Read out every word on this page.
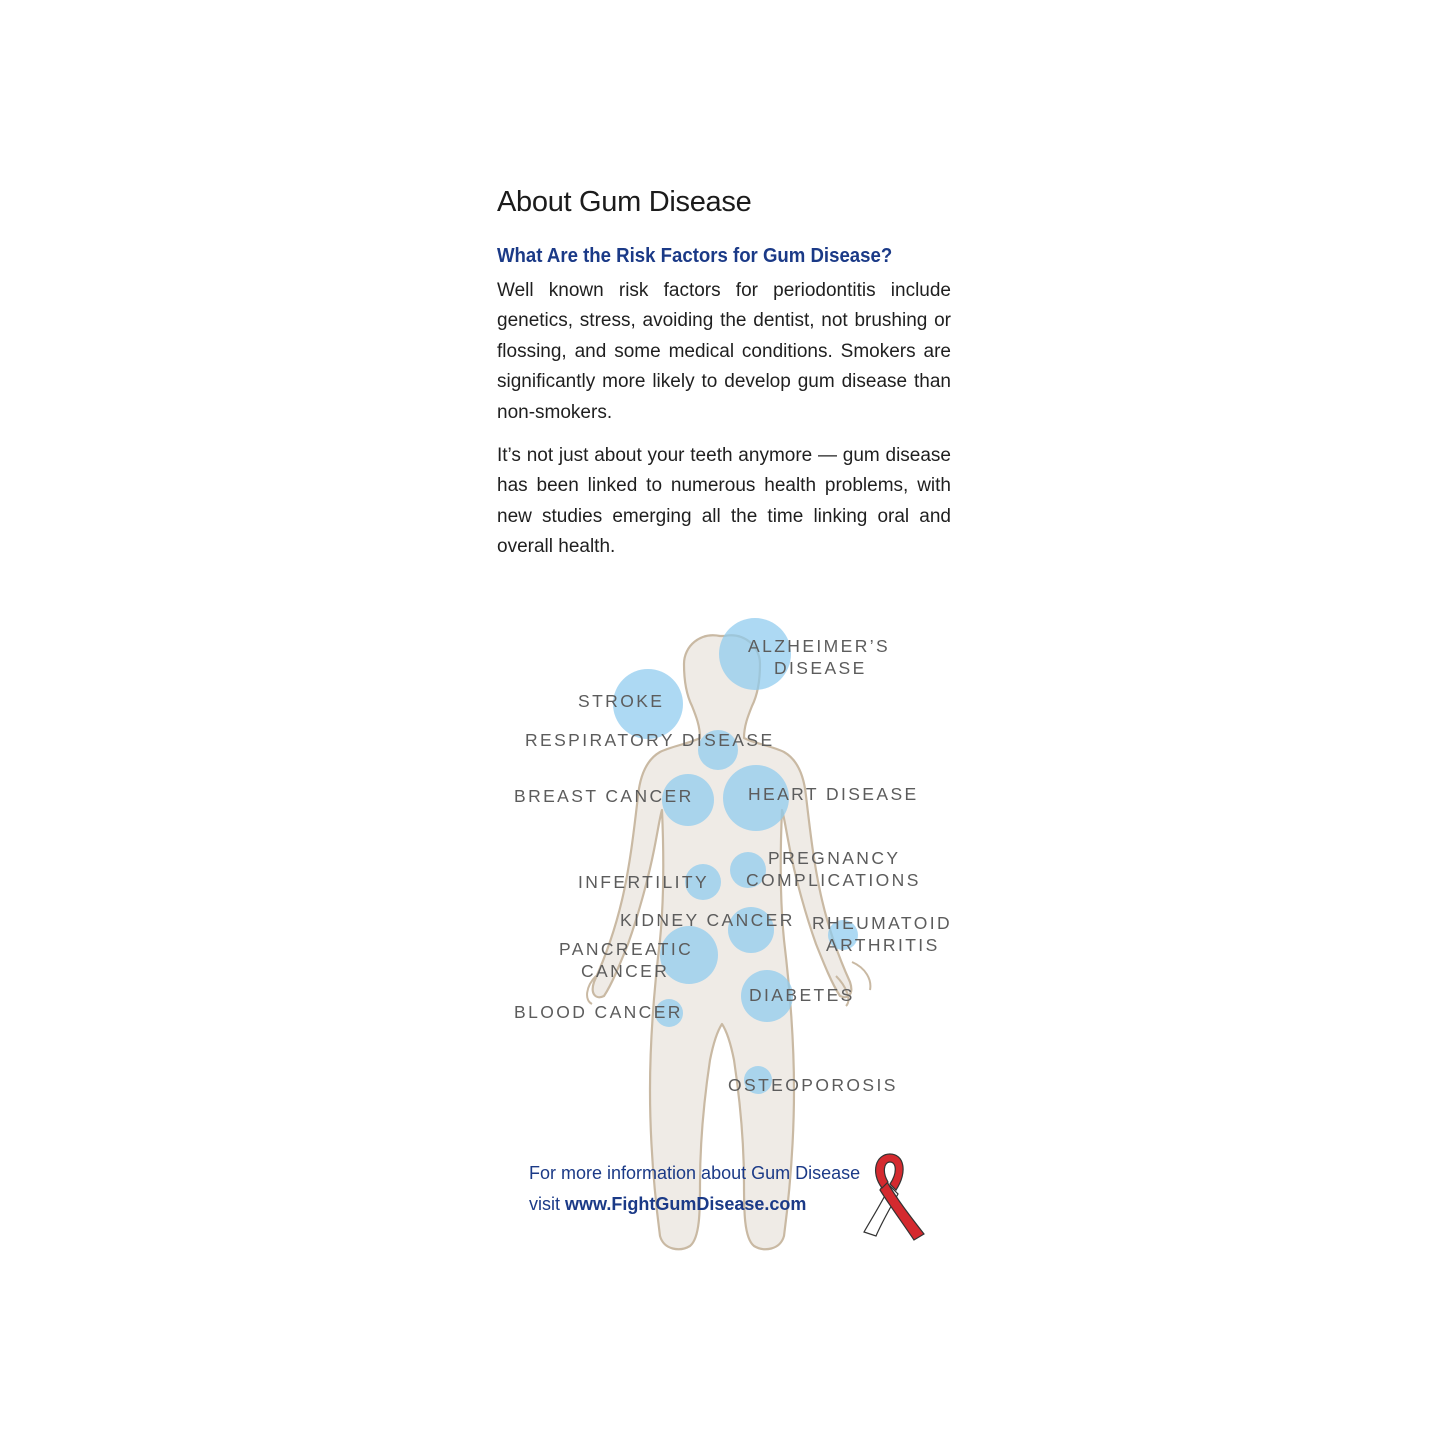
About Gum Disease
What Are the Risk Factors for Gum Disease?

Well known risk factors for periodontitis include genetics, stress, avoiding the dentist, not brushing or flossing, and some medical conditions. Smokers are significantly more likely to develop gum disease than non-smokers.

It’s not just about your teeth anymore — gum disease has been linked to numerous health problems, with new studies emerging all the time linking oral and overall health.

ALZHEIMER’S
DISEASE
STROKE
RESPIRATORY DISEASE
BREAST CANCER	HEART DISEASE
PREGNANCY
COMPLICATIONS
INFERTILITY
KIDNEY CANCER RHEUMATOID
ARTHRITIS
PANCREATIC
CANCER
DIABETES
BLOOD CANCER
OSTEOPOROSIS

For more information about Gum Disease

visit www.FightGumDisease.com
